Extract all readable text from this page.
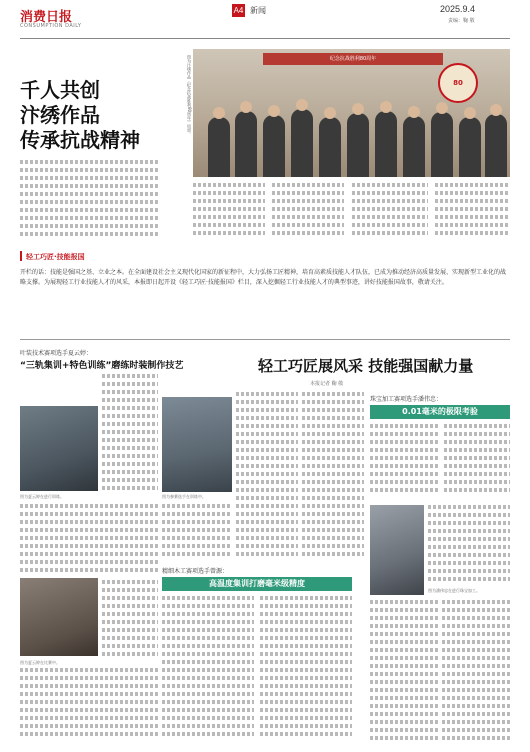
消费日报
CONSUMPTION DAILY
A4 新闻	2025.9.4
责编：鞠 敬
千人共创
汴绣作品
传承抗战精神
图为汴绣作品《纪念抗战胜利80周年》局部。	纪念抗战胜利80周年
80
轻工巧匠·技能报国
开栏的话：技能是强国之基、立业之本。在全面建设社会主义现代化国家的新征程中，大力弘扬工匠精神，培育高素质技能人才队伍，已成为推动经济高质量发展、实现新型工业化的战略支撑。为展现轻工行业技能人才的风采，本报即日起开设《轻工巧匠·技能报国》栏目，深入挖掘轻工行业技能人才的典型事迹，讲好技能报国故事，敬请关注。
叶装技术赛项选手夏云婷：
“三轨集训+特色训练”磨练时装制作技艺
图为夏云婷在进行训练。
图为夏云婷在比赛中。
轻工巧匠展风采 技能强国献力量
本报记者 鞠 敬
图为参赛选手在训练中。
珠宝加工赛项选手潘伟忠：
0.01毫米的极限考验
图为潘伟忠在进行珠宝加工。
精细木工赛项选手曾源：
高温度集训打磨毫米级精度
